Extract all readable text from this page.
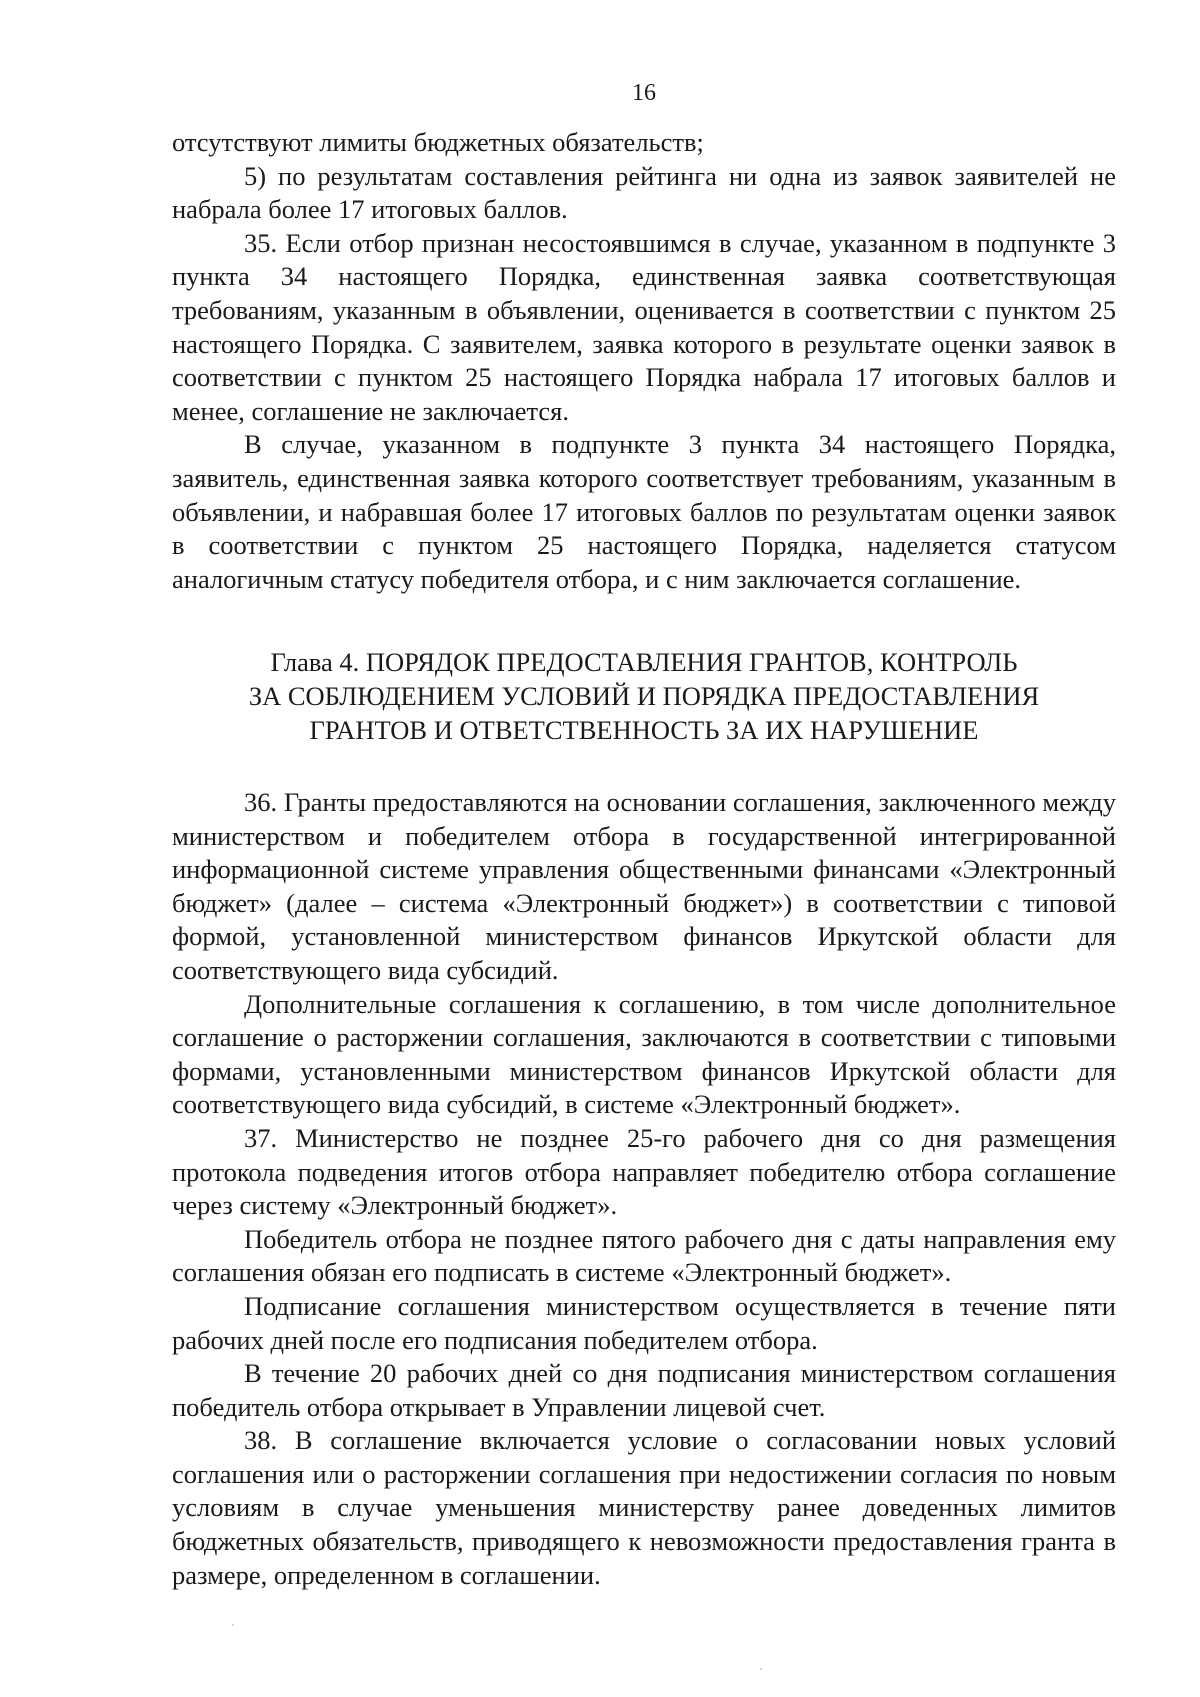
16

отсутствуют лимиты бюджетных обязательств;

5) по результатам составления рейтинга ни одна из заявок заявителей не набрала более 17 итоговых баллов.

35. Если отбор признан несостоявшимся в случае, указанном в подпункте 3 пункта 34 настоящего Порядка, единственная заявка соответствующая требованиям, указанным в объявлении, оценивается в соответствии с пунктом 25 настоящего Порядка. С заявителем, заявка которого в результате оценки заявок в соответствии с пунктом 25 настоящего Порядка набрала 17 итоговых баллов и менее, соглашение не заключается.

В случае, указанном в подпункте 3 пункта 34 настоящего Порядка, заявитель, единственная заявка которого соответствует требованиям, указанным в объявлении, и набравшая более 17 итоговых баллов по результатам оценки заявок в соответствии с пунктом 25 настоящего Порядка, наделяется статусом аналогичным статусу победителя отбора, и с ним заключается соглашение.

Глава 4. ПОРЯДОК ПРЕДОСТАВЛЕНИЯ ГРАНТОВ, КОНТРОЛЬ
ЗА СОБЛЮДЕНИЕМ УСЛОВИЙ И ПОРЯДКА ПРЕДОСТАВЛЕНИЯ
ГРАНТОВ И ОТВЕТСТВЕННОСТЬ ЗА ИХ НАРУШЕНИЕ

36. Гранты предоставляются на основании соглашения, заключенного между министерством и победителем отбора в государственной интегрированной информационной системе управления общественными финансами «Электронный бюджет» (далее – система «Электронный бюджет») в соответствии с типовой формой, установленной министерством финансов Иркутской области для соответствующего вида субсидий.

Дополнительные соглашения к соглашению, в том числе дополнительное соглашение о расторжении соглашения, заключаются в соответствии с типовыми формами, установленными министерством финансов Иркутской области для соответствующего вида субсидий, в системе «Электронный бюджет».

37. Министерство не позднее 25-го рабочего дня со дня размещения протокола подведения итогов отбора направляет победителю отбора соглашение через систему «Электронный бюджет».

Победитель отбора не позднее пятого рабочего дня с даты направления ему соглашения обязан его подписать в системе «Электронный бюджет».

Подписание соглашения министерством осуществляется в течение пяти рабочих дней после его подписания победителем отбора.

В течение 20 рабочих дней со дня подписания министерством соглашения победитель отбора открывает в Управлении лицевой счет.

38. В соглашение включается условие о согласовании новых условий соглашения или о расторжении соглашения при недостижении согласия по новым условиям в случае уменьшения министерству ранее доведенных лимитов бюджетных обязательств, приводящего к невозможности предоставления гранта в размере, определенном в соглашении.
